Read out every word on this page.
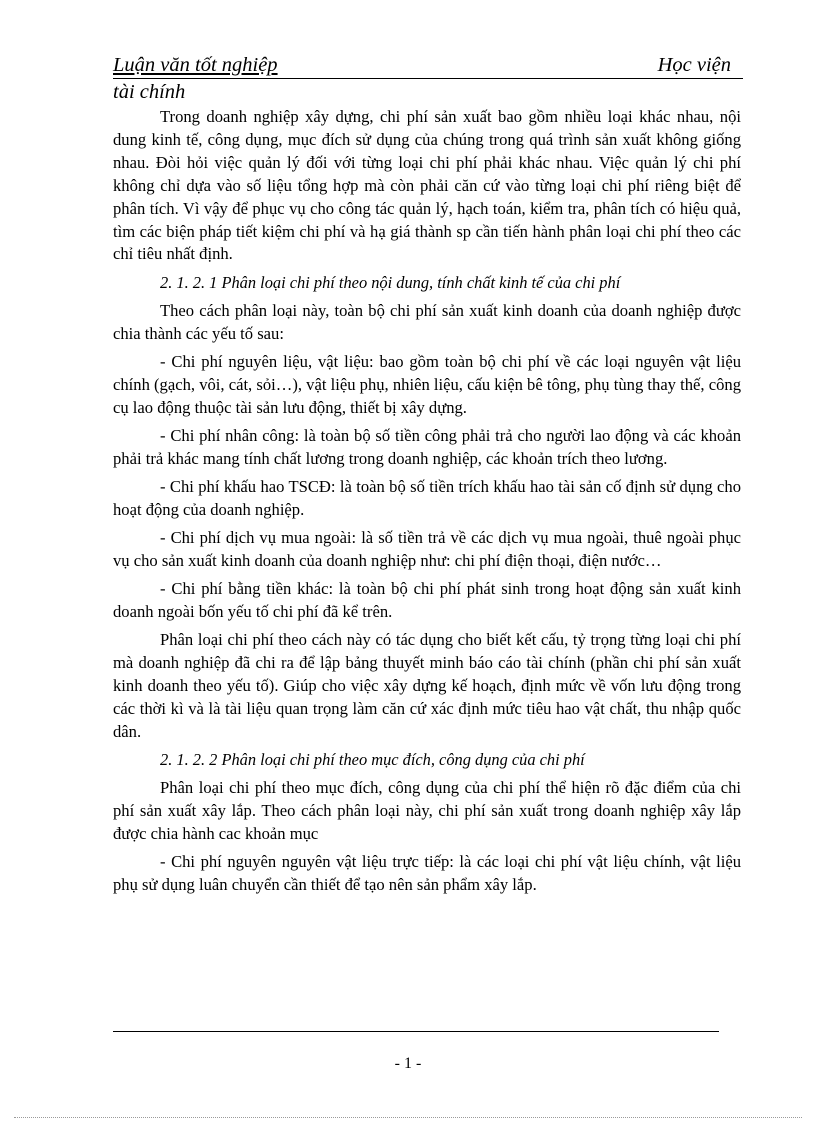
Luận văn tốt nghiệp	Học viện
tài chính

Trong doanh nghiệp xây dựng, chi phí sản xuất bao gồm nhiều loại khác nhau, nội dung kinh tế, công dụng, mục đích sử dụng của chúng trong quá trình sản xuất không giống nhau. Đòi hỏi việc quản lý đối với từng loại chi phí phải khác nhau. Việc quản lý chi phí không chỉ dựa vào số liệu tổng hợp mà còn phải căn cứ vào từng loại chi phí riêng biệt để phân tích. Vì vậy để phục vụ cho công tác quản lý, hạch toán, kiểm tra, phân tích có hiệu quả, tìm các biện pháp tiết kiệm chi phí và hạ giá thành sp cần tiến hành phân loại chi phí theo các chỉ tiêu nhất định.

2. 1. 2. 1 Phân loại chi phí theo nội dung, tính chất kinh tế của chi phí

Theo cách phân loại này, toàn bộ chi phí sản xuất kinh doanh của doanh nghiệp được chia thành các yếu tố sau:

- Chi phí nguyên liệu, vật liệu: bao gồm toàn bộ chi phí về các loại nguyên vật liệu chính (gạch, vôi, cát, sỏi…), vật liệu phụ, nhiên liệu, cấu kiện bê tông, phụ tùng thay thế, công cụ lao động thuộc tài sản lưu động, thiết bị xây dựng.

- Chi phí nhân công: là toàn bộ số tiền công phải trả cho người lao động và các khoản phải trả khác mang tính chất lương trong doanh nghiệp, các khoản trích theo lương.

- Chi phí khấu hao TSCĐ: là toàn bộ số tiền trích khấu hao tài sản cố định sử dụng cho hoạt động của doanh nghiệp.

- Chi phí dịch vụ mua ngoài: là số tiền trả về các dịch vụ mua ngoài, thuê ngoài phục vụ cho sản xuất kinh doanh của doanh nghiệp như: chi phí điện thoại, điện nước…

- Chi phí bằng tiền khác: là toàn bộ chi phí phát sinh trong hoạt động sản xuất kinh doanh ngoài bốn yếu tố chi phí đã kể trên.

Phân loại chi phí theo cách này có tác dụng cho biết kết cấu, tỷ trọng từng loại chi phí mà doanh nghiệp đã chi ra để lập bảng thuyết minh báo cáo tài chính (phần chi phí sản xuất kinh doanh theo yếu tố). Giúp cho việc xây dựng kế hoạch, định mức về vốn lưu động trong các thời kì và là tài liệu quan trọng làm căn cứ xác định mức tiêu hao vật chất, thu nhập quốc dân.

2. 1. 2. 2 Phân loại chi phí theo mục đích, công dụng của chi phí

Phân loại chi phí theo mục đích, công dụng của chi phí thể hiện rõ đặc điểm của chi phí sản xuất xây lắp. Theo cách phân loại này, chi phí sản xuất trong doanh nghiệp xây lắp được chia hành cac khoản mục

- Chi phí nguyên nguyên vật liệu trực tiếp: là các loại chi phí vật liệu chính, vật liệu phụ sử dụng luân chuyển cần thiết để tạo nên sản phẩm xây lắp.

- 1 -
